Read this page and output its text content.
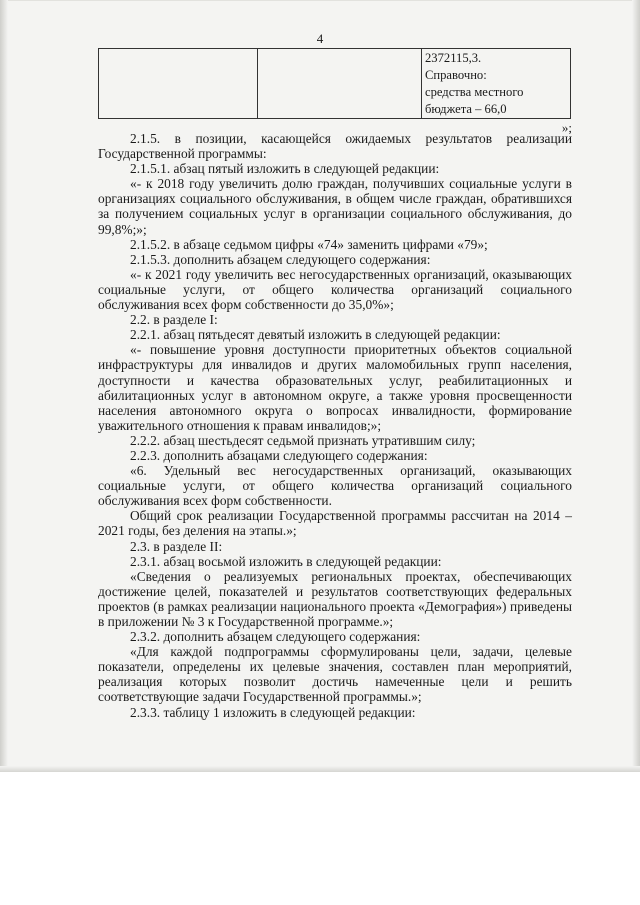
4
		2372115,3.
Справочно:
средства местного
бюджета – 66,0
»;

2.1.5. в позиции, касающейся ожидаемых результатов реализации Государственной программы:

2.1.5.1. абзац пятый изложить в следующей редакции:

«- к 2018 году увеличить долю граждан, получивших социальные услуги в организациях социального обслуживания, в общем числе граждан, обратившихся за получением социальных услуг в организации социального обслуживания, до 99,8%;»;

2.1.5.2. в абзаце седьмом цифры «74» заменить цифрами «79»;

2.1.5.3. дополнить абзацем следующего содержания:

«- к 2021 году увеличить вес негосударственных организаций, оказывающих социальные услуги, от общего количества организаций социального обслуживания всех форм собственности до 35,0%»;

2.2. в разделе I:

2.2.1. абзац пятьдесят девятый изложить в следующей редакции:

«- повышение уровня доступности приоритетных объектов социальной инфраструктуры для инвалидов и других маломобильных групп населения, доступности и качества образовательных услуг, реабилитационных и абилитационных услуг в автономном округе, а также уровня просвещенности населения автономного округа о вопросах инвалидности, формирование уважительного отношения к правам инвалидов;»;

2.2.2. абзац шестьдесят седьмой признать утратившим силу;

2.2.3. дополнить абзацами следующего содержания:

«6. Удельный вес негосударственных организаций, оказывающих социальные услуги, от общего количества организаций социального обслуживания всех форм собственности.

Общий срок реализации Государственной программы рассчитан на 2014 – 2021 годы, без деления на этапы.»;

2.3. в разделе II:

2.3.1. абзац восьмой изложить в следующей редакции:

«Сведения о реализуемых региональных проектах, обеспечивающих достижение целей, показателей и результатов соответствующих федеральных проектов (в рамках реализации национального проекта «Демография») приведены в приложении № 3 к Государственной программе.»;

2.3.2. дополнить абзацем следующего содержания:

«Для каждой подпрограммы сформулированы цели, задачи, целевые показатели, определены их целевые значения, составлен план мероприятий, реализация которых позволит достичь намеченные цели и решить соответствующие задачи Государственной программы.»;

2.3.3. таблицу 1 изложить в следующей редакции:
